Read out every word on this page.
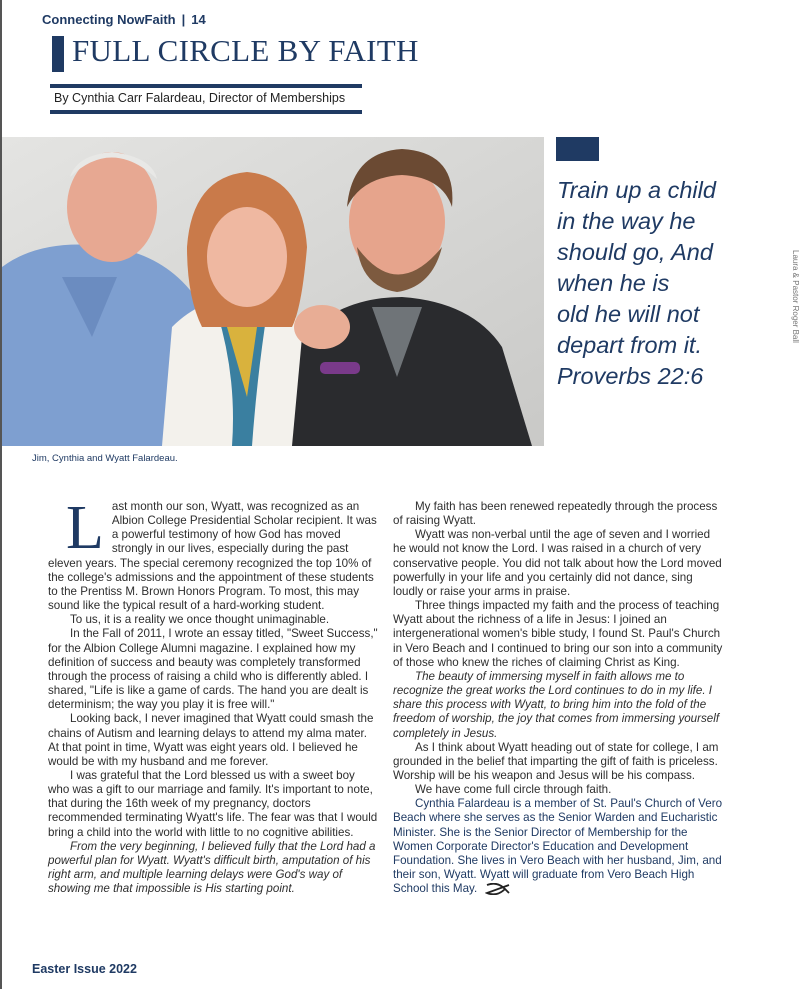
Connecting NowFaith | 14
FULL CIRCLE BY FAITH
By Cynthia Carr Falardeau, Director of Memberships
Jim, Cynthia and Wyatt Falardeau.
Train up a child
in the way he
should go, And
when he is
old he will not
depart from it.
Proverbs 22:6
Laura & Pastor Roger Ball

Last month our son, Wyatt, was recognized as an Albion College Presidential Scholar recipient. It was a powerful testimony of how God has moved strongly in our lives, especially during the past eleven years. The special ceremony recognized the top 10% of the college's admissions and the appointment of these students to the Prentiss M. Brown Honors Program. To most, this may sound like the typical result of a hard-working student.

To us, it is a reality we once thought unimaginable.

In the Fall of 2011, I wrote an essay titled, "Sweet Success," for the Albion College Alumni magazine. I explained how my definition of success and beauty was completely transformed through the process of raising a child who is differently abled. I shared, "Life is like a game of cards. The hand you are dealt is determinism; the way you play it is free will."

Looking back, I never imagined that Wyatt could smash the chains of Autism and learning delays to attend my alma mater. At that point in time, Wyatt was eight years old. I believed he would be with my husband and me forever.

I was grateful that the Lord blessed us with a sweet boy who was a gift to our marriage and family. It's important to note, that during the 16th week of my pregnancy, doctors recommended terminating Wyatt's life. The fear was that I would bring a child into the world with little to no cognitive abilities.

From the very beginning, I believed fully that the Lord had a powerful plan for Wyatt. Wyatt's difficult birth, amputation of his right arm, and multiple learning delays were God's way of showing me that impossible is His starting point.

My faith has been renewed repeatedly through the process of raising Wyatt.

Wyatt was non-verbal until the age of seven and I worried he would not know the Lord. I was raised in a church of very conservative people. You did not talk about how the Lord moved powerfully in your life and you certainly did not dance, sing loudly or raise your arms in praise.

Three things impacted my faith and the process of teaching Wyatt about the richness of a life in Jesus: I joined an intergenerational women's bible study, I found St. Paul's Church in Vero Beach and I continued to bring our son into a community of those who knew the riches of claiming Christ as King.

The beauty of immersing myself in faith allows me to recognize the great works the Lord continues to do in my life. I share this process with Wyatt, to bring him into the fold of the freedom of worship, the joy that comes from immersing yourself completely in Jesus.

As I think about Wyatt heading out of state for college, I am grounded in the belief that imparting the gift of faith is priceless. Worship will be his weapon and Jesus will be his compass.

We have come full circle through faith.

Cynthia Falardeau is a member of St. Paul's Church of Vero Beach where she serves as the Senior Warden and Eucharistic Minister. She is the Senior Director of Membership for the Women Corporate Director's Education and Development Foundation. She lives in Vero Beach with her husband, Jim, and their son, Wyatt. Wyatt will graduate from Vero Beach High School this May.

Easter Issue 2022
